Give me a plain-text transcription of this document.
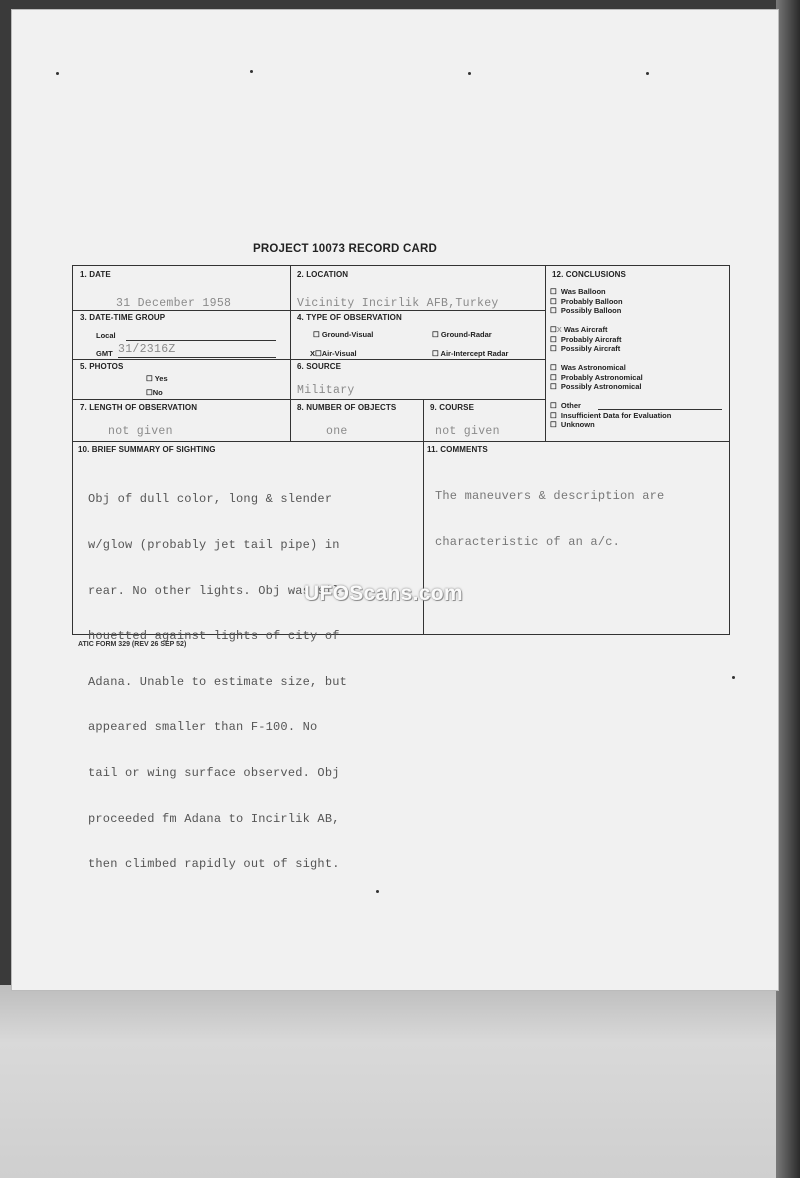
PROJECT 10073 RECORD CARD
1. DATE
31 December 1958
2. LOCATION
Vicinity Incirlik AFB,Turkey
3. DATE-TIME GROUP
Local
GMT 31/2316Z
4. TYPE OF OBSERVATION
☐ Ground-Visual	☐ Ground-Radar
X☐Air-Visual	☐ Air-Intercept Radar
5. PHOTOS
☐ Yes
☐No
6. SOURCE
Military
7. LENGTH OF OBSERVATION
not given
8. NUMBER OF OBJECTS
one
9. COURSE
not given
10. BRIEF SUMMARY OF SIGHTING

Obj of dull color, long & slender

w/glow (probably jet tail pipe) in

rear. No other lights. Obj was sil-

houetted against lights of city of

Adana. Unable to estimate size, but

appeared smaller than F-100. No

tail or wing surface observed. Obj

proceeded fm Adana to Incirlik AB,

then climbed rapidly out of sight.

11. COMMENTS

The maneuvers & description are

characteristic of an a/c.

12. CONCLUSIONS
☐ Was Balloon
☐ Probably Balloon
☐ Possibly Balloon
☐X Was Aircraft
☐ Probably Aircraft
☐ Possibly Aircraft
☐ Was Astronomical
☐ Probably Astronomical
☐ Possibly Astronomical
☐ Other
☐ Insufficient Data for Evaluation
☐ Unknown
UFOScans.com
ATIC FORM 329 (REV 26 SEP 52)
